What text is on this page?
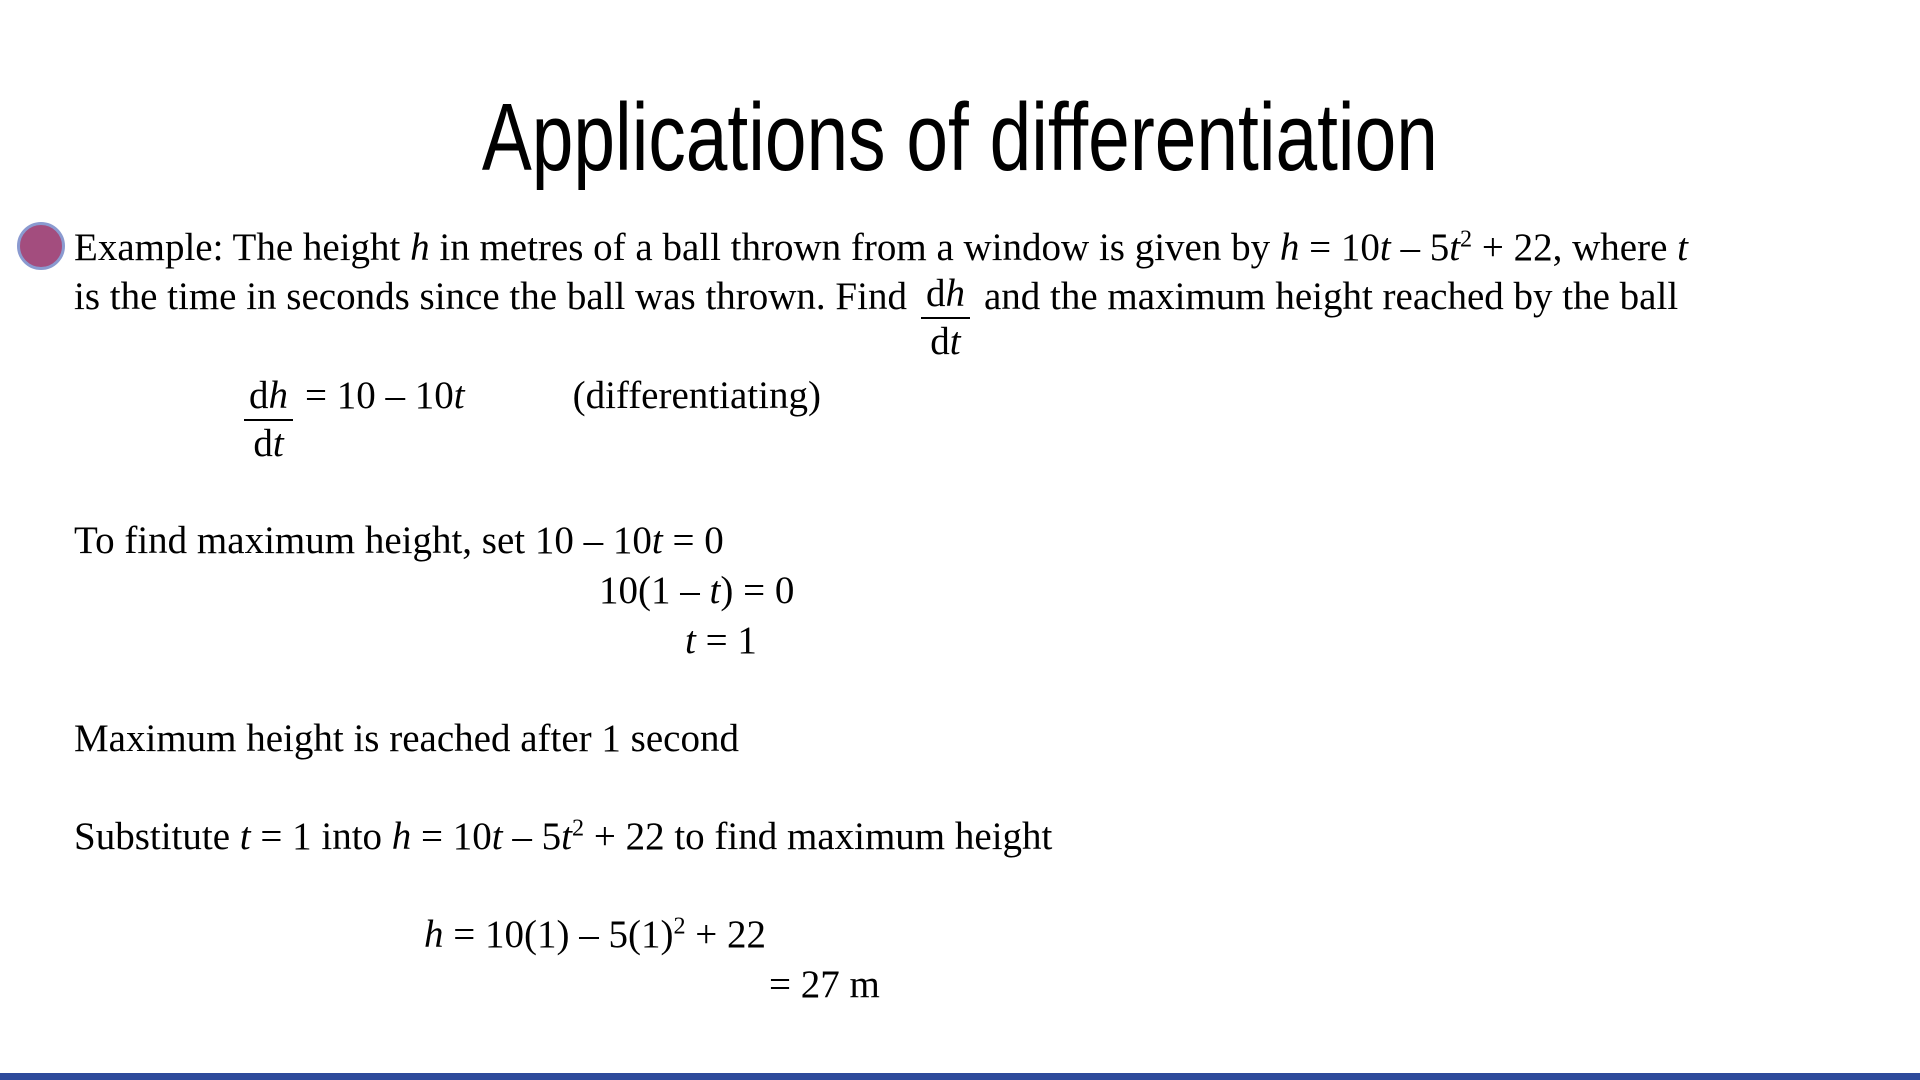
Applications of differentiation
Example: The height h in metres of a ball thrown from a window is given by $h = 10t - 5t^2 + 22$, where t
is the time in seconds since the ball was thrown. Find $\frac{dh}{dt}$ and the maximum height reached by the ball
$\frac{dh}{dt} = 10 - 10t$	(differentiating)
To find maximum height, set 10 – 10t = 0
10(1 – t) = 0
t = 1
Maximum height is reached after 1 second
Substitute t = 1 into $h = 10t - 5t^2 + 22$ to find maximum height
$h = 10(1) - 5(1)^2 + 22$
= 27 m
